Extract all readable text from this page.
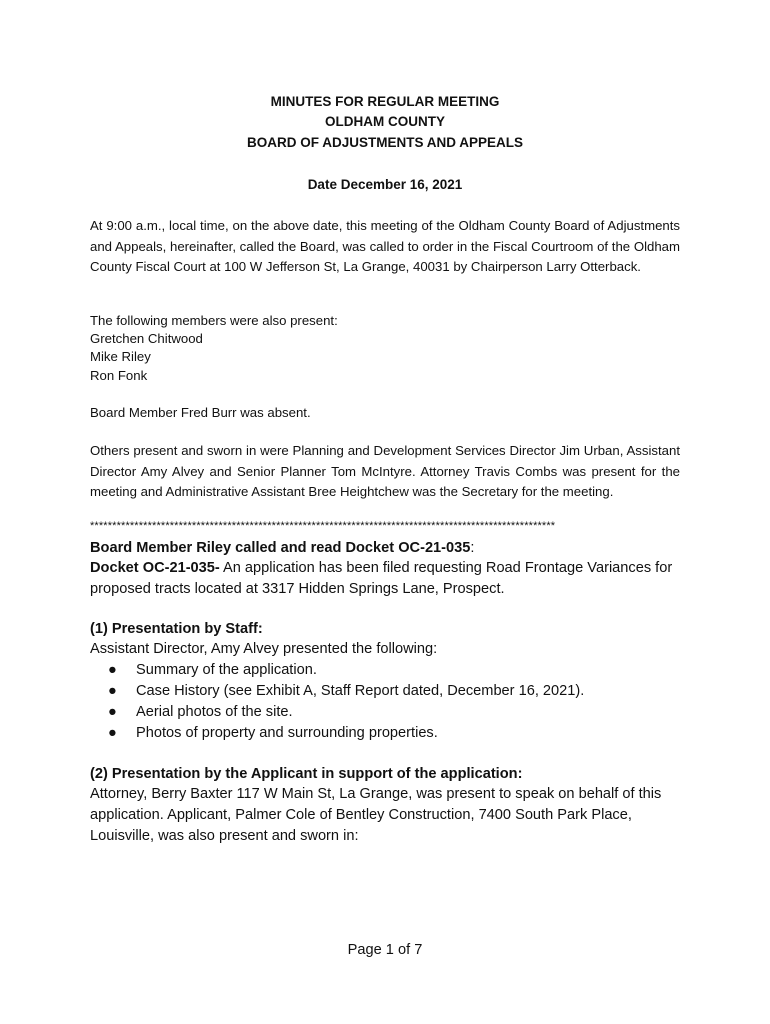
MINUTES FOR REGULAR MEETING
OLDHAM COUNTY
BOARD OF ADJUSTMENTS AND APPEALS
Date December 16, 2021
At 9:00 a.m., local time, on the above date, this meeting of the Oldham County Board of Adjustments and Appeals, hereinafter, called the Board, was called to order in the Fiscal Courtroom of the Oldham County Fiscal Court at 100 W Jefferson St, La Grange, 40031 by Chairperson Larry Otterback.
The following members were also present:
Gretchen Chitwood
Mike Riley
Ron Fonk
Board Member Fred Burr was absent.
Others present and sworn in were Planning and Development Services Director Jim Urban, Assistant Director Amy Alvey and Senior Planner Tom McIntyre. Attorney Travis Combs was present for the meeting and Administrative Assistant Bree Heightchew was the Secretary for the meeting.
*********************************************************************************************************
Board Member Riley called and read Docket OC-21-035:
Docket OC-21-035- An application has been filed requesting Road Frontage Variances for proposed tracts located at 3317 Hidden Springs Lane, Prospect.
(1) Presentation by Staff:
Assistant Director, Amy Alvey presented the following:
● Summary of the application.
● Case History (see Exhibit A, Staff Report dated, December 16, 2021).
● Aerial photos of the site.
● Photos of property and surrounding properties.
(2) Presentation by the Applicant in support of the application:
Attorney, Berry Baxter 117 W Main St, La Grange, was present to speak on behalf of this application. Applicant, Palmer Cole of Bentley Construction, 7400 South Park Place, Louisville, was also present and sworn in:
Page 1 of 7
